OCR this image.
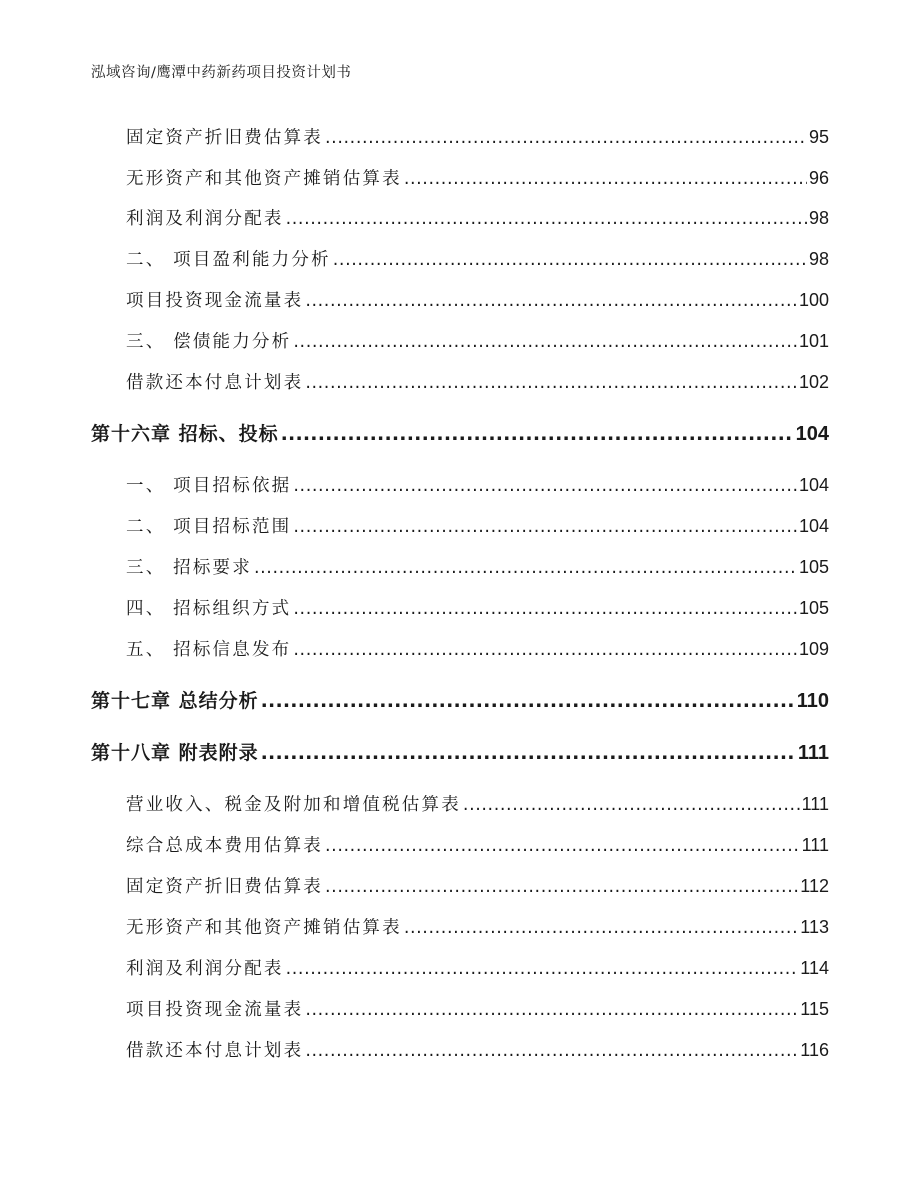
泓域咨询/鹰潭中药新药项目投资计划书
固定资产折旧费估算表 .....	95
无形资产和其他资产摊销估算表 .....	96
利润及利润分配表 .....	98
二、 项目盈利能力分析 .....	98
项目投资现金流量表 .....	100
三、 偿债能力分析 .....	101
借款还本付息计划表 .....	102
第十六章 招标、投标 .....	104
一、 项目招标依据 .....	104
二、 项目招标范围 .....	104
三、 招标要求 .....	105
四、 招标组织方式 .....	105
五、 招标信息发布 .....	109
第十七章 总结分析 .....	110
第十八章 附表附录 .....	111
营业收入、税金及附加和增值税估算表 .....	111
综合总成本费用估算表 .....	111
固定资产折旧费估算表 .....	112
无形资产和其他资产摊销估算表 .....	113
利润及利润分配表 .....	114
项目投资现金流量表 .....	115
借款还本付息计划表 .....	116
